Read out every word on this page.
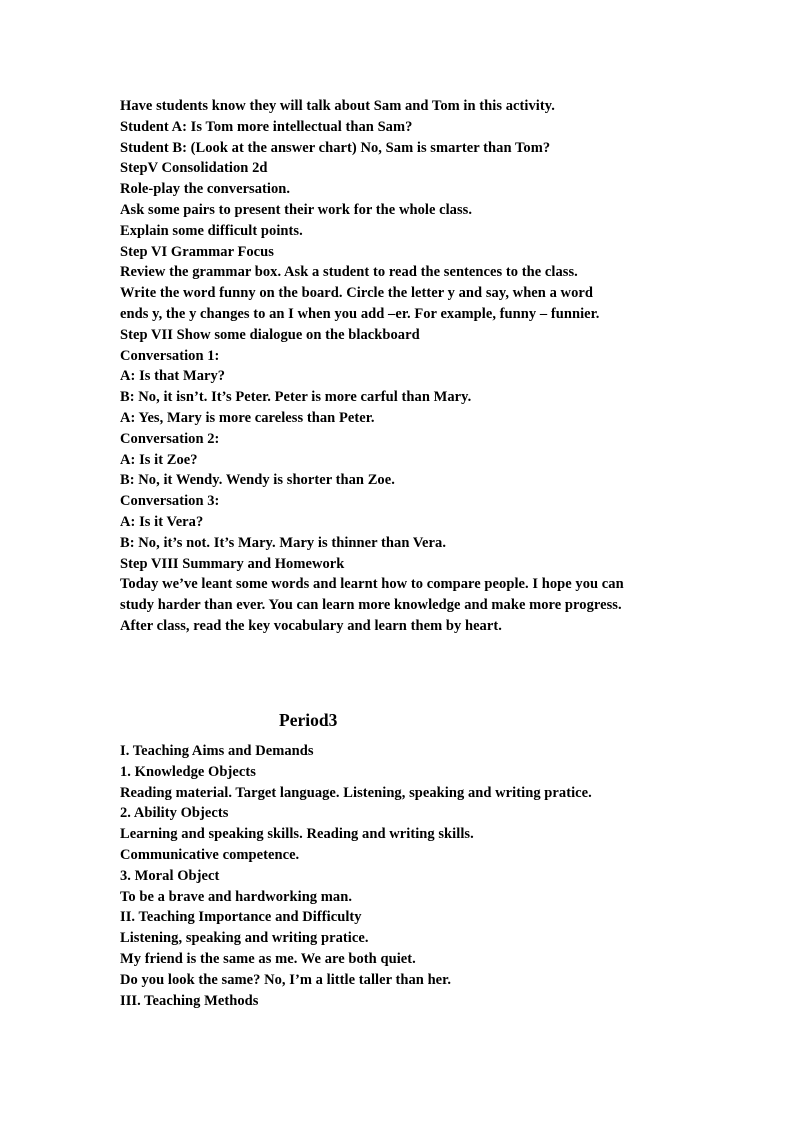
Have students know they will talk about Sam and Tom in this activity.
Student A: Is Tom more intellectual than Sam?
Student B: (Look at the answer chart) No, Sam is smarter than Tom?
StepV Consolidation 2d
Role-play the conversation.
Ask some pairs to present their work for the whole class.
Explain some difficult points.
Step VI Grammar Focus
Review the grammar box. Ask a student to read the sentences to the class.
Write the word funny on the board. Circle the letter y and say, when a word
ends y, the y changes to an I when you add –er. For example, funny – funnier.
Step VII Show some dialogue on the blackboard
Conversation 1:
A: Is that Mary?
B: No, it isn’t. It’s Peter. Peter is more carful than Mary.
A: Yes, Mary is more careless than Peter.
Conversation 2:
A: Is it Zoe?
B: No, it Wendy. Wendy is shorter than Zoe.
Conversation 3:
A: Is it Vera?
B: No, it’s not. It’s Mary. Mary is thinner than Vera.
Step VIII Summary and Homework
Today we’ve leant some words and learnt how to compare people. I hope you can
study harder than ever. You can learn more knowledge and make more progress.
After class, read the key vocabulary and learn them by heart.
Period3
I. Teaching Aims and Demands
1. Knowledge Objects
Reading material. Target language. Listening, speaking and writing pratice.
2. Ability Objects
Learning and speaking skills. Reading and writing skills.
Communicative competence.
3. Moral Object
To be a brave and hardworking man.
II. Teaching Importance and Difficulty
Listening, speaking and writing pratice.
My friend is the same as me. We are both quiet.
Do you look the same? No, I’m a little taller than her.
III. Teaching Methods
